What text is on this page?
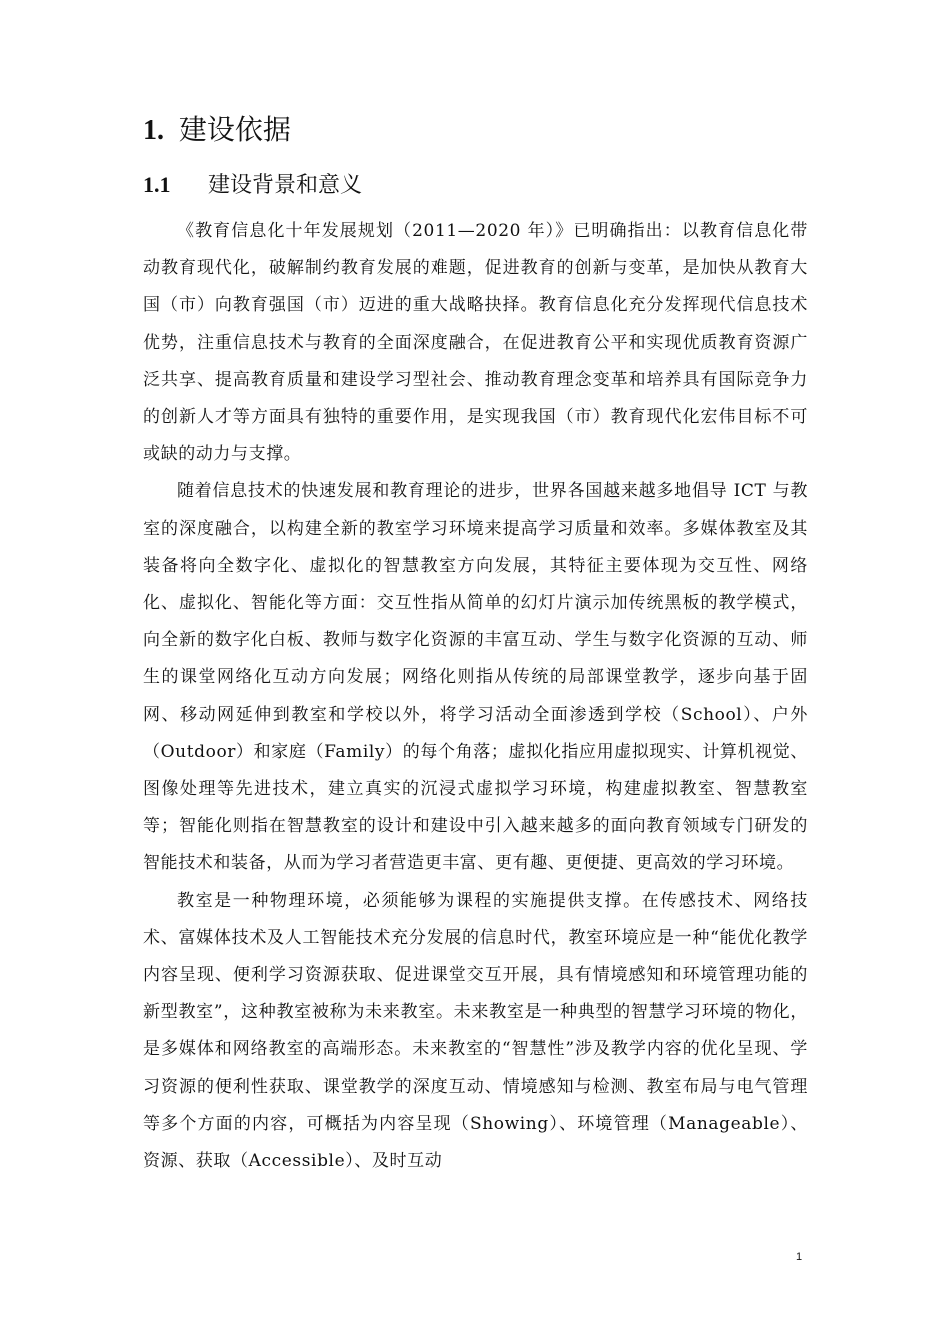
1. 建设依据
1.1 建设背景和意义

《教育信息化十年发展规划（2011—2020 年）》已明确指出：以教育信息化带动教育现代化，破解制约教育发展的难题，促进教育的创新与变革，是加快从教育大国（市）向教育强国（市）迈进的重大战略抉择。教育信息化充分发挥现代信息技术优势，注重信息技术与教育的全面深度融合，在促进教育公平和实现优质教育资源广泛共享、提高教育质量和建设学习型社会、推动教育理念变革和培养具有国际竞争力的创新人才等方面具有独特的重要作用，是实现我国（市）教育现代化宏伟目标不可或缺的动力与支撑。

随着信息技术的快速发展和教育理论的进步，世界各国越来越多地倡导 ICT 与教室的深度融合，以构建全新的教室学习环境来提高学习质量和效率。多媒体教室及其装备将向全数字化、虚拟化的智慧教室方向发展，其特征主要体现为交互性、网络化、虚拟化、智能化等方面：交互性指从简单的幻灯片演示加传统黑板的教学模式，向全新的数字化白板、教师与数字化资源的丰富互动、学生与数字化资源的互动、师生的课堂网络化互动方向发展；网络化则指从传统的局部课堂教学，逐步向基于固网、移动网延伸到教室和学校以外，将学习活动全面渗透到学校（School）、户外（Outdoor）和家庭（Family）的每个角落；虚拟化指应用虚拟现实、计算机视觉、图像处理等先进技术，建立真实的沉浸式虚拟学习环境，构建虚拟教室、智慧教室等；智能化则指在智慧教室的设计和建设中引入越来越多的面向教育领域专门研发的智能技术和装备，从而为学习者营造更丰富、更有趣、更便捷、更高效的学习环境。

教室是一种物理环境，必须能够为课程的实施提供支撑。在传感技术、网络技术、富媒体技术及人工智能技术充分发展的信息时代，教室环境应是一种“能优化教学内容呈现、便利学习资源获取、促进课堂交互开展，具有情境感知和环境管理功能的新型教室”，这种教室被称为未来教室。未来教室是一种典型的智慧学习环境的物化，是多媒体和网络教室的高端形态。未来教室的“智慧性”涉及教学内容的优化呈现、学习资源的便利性获取、课堂教学的深度互动、情境感知与检测、教室布局与电气管理等多个方面的内容，可概括为内容呈现（Showing）、环境管理（Manageable）、资源、获取（Accessible）、及时互动

1
